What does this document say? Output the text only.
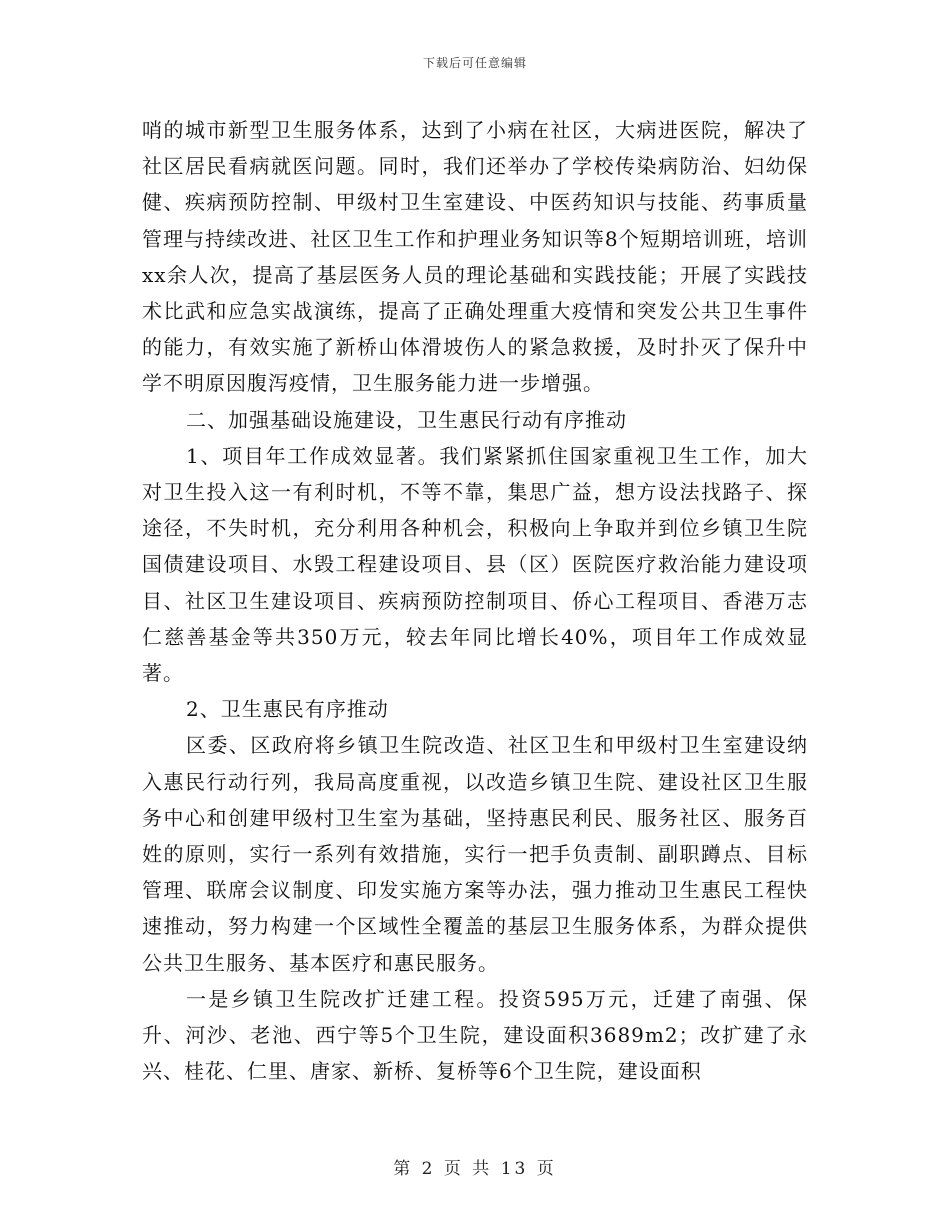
下载后可任意编辑

哨的城市新型卫生服务体系，达到了小病在社区，大病进医院，解决了社区居民看病就医问题。同时，我们还举办了学校传染病防治、妇幼保健、疾病预防控制、甲级村卫生室建设、中医药知识与技能、药事质量管理与持续改进、社区卫生工作和护理业务知识等8个短期培训班，培训xx余人次，提高了基层医务人员的理论基础和实践技能；开展了实践技术比武和应急实战演练，提高了正确处理重大疫情和突发公共卫生事件的能力，有效实施了新桥山体滑坡伤人的紧急救援，及时扑灭了保升中学不明原因腹泻疫情，卫生服务能力进一步增强。

二、加强基础设施建设，卫生惠民行动有序推动

1、项目年工作成效显著。我们紧紧抓住国家重视卫生工作，加大对卫生投入这一有利时机，不等不靠，集思广益，想方设法找路子、探途径，不失时机，充分利用各种机会，积极向上争取并到位乡镇卫生院国债建设项目、水毁工程建设项目、县（区）医院医疗救治能力建设项目、社区卫生建设项目、疾病预防控制项目、侨心工程项目、香港万志仁慈善基金等共350万元，较去年同比增长40%，项目年工作成效显著。

2、卫生惠民有序推动

区委、区政府将乡镇卫生院改造、社区卫生和甲级村卫生室建设纳入惠民行动行列，我局高度重视，以改造乡镇卫生院、建设社区卫生服务中心和创建甲级村卫生室为基础，坚持惠民利民、服务社区、服务百姓的原则，实行一系列有效措施，实行一把手负责制、副职蹲点、目标管理、联席会议制度、印发实施方案等办法，强力推动卫生惠民工程快速推动，努力构建一个区域性全覆盖的基层卫生服务体系，为群众提供公共卫生服务、基本医疗和惠民服务。

一是乡镇卫生院改扩迁建工程。投资595万元，迁建了南强、保升、河沙、老池、西宁等5个卫生院，建设面积3689m2；改扩建了永兴、桂花、仁里、唐家、新桥、复桥等6个卫生院，建设面积

第 2 页 共 13 页
